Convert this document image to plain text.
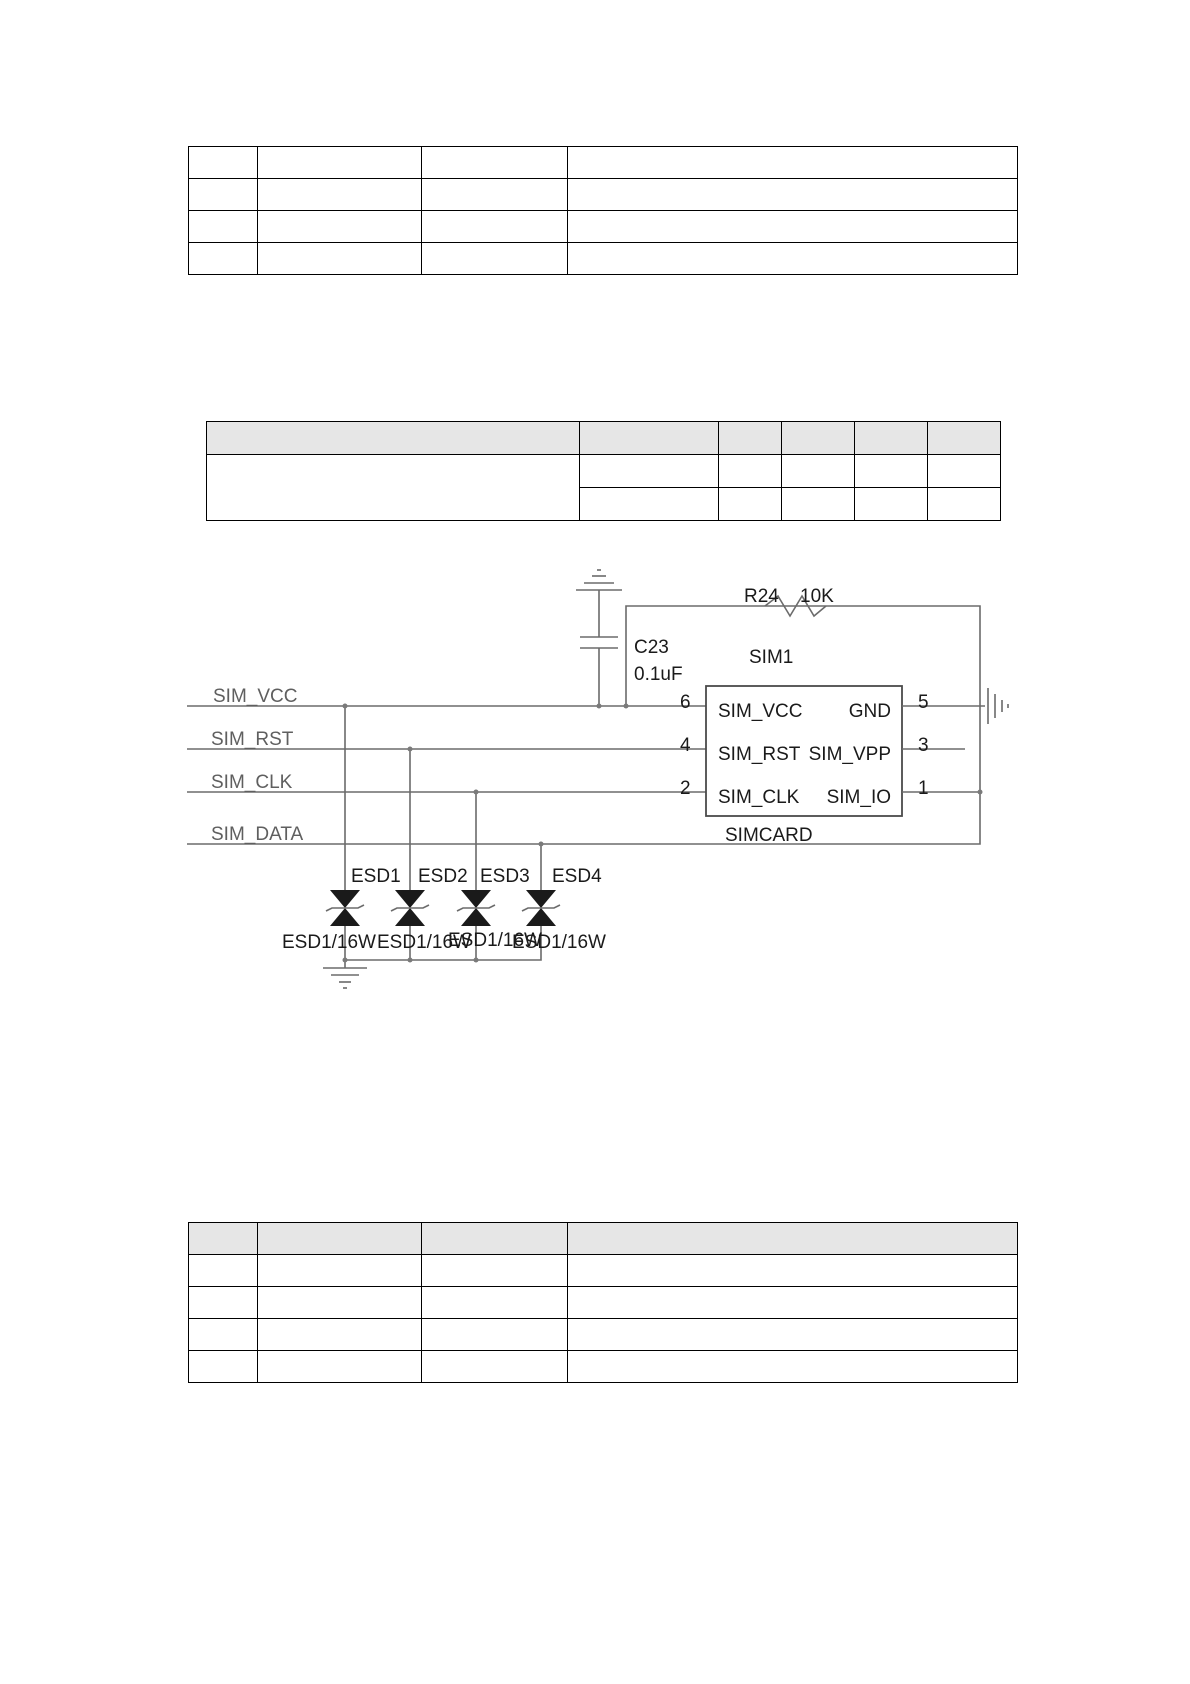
SIM_VCC
SIM_RST
SIM_CLK
SIM_DATA
R24 10K
C23
0.1uF
SIM1
SIMCARD
6
4
2
5
3
1
SIM_VCC GND
SIM_RST SIM_VPP
SIM_CLK SIM_IO
ESD1 ESD2 ESD3 ESD4
ESD1/16W ESD1/16W
ESD1/16W
ESD1/16W
